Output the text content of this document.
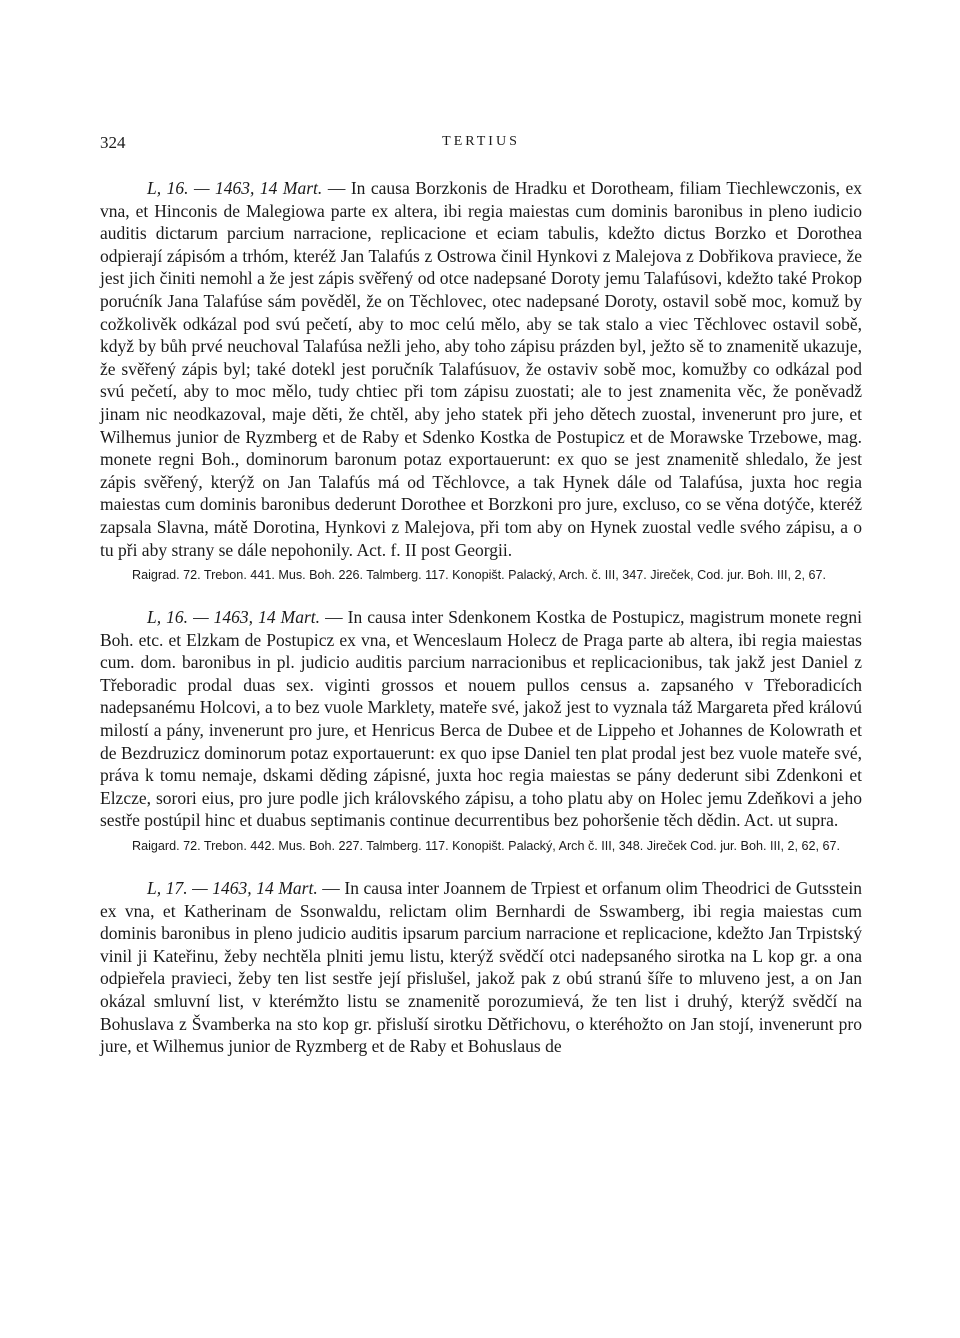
324	TERTIUS

L, 16. — 1463, 14 Mart. — In causa Borzkonis de Hradku et Dorotheam, filiam Tiechlewczonis, ex vna, et Hinconis de Malegiowa parte ex altera, ibi regia maiestas cum dominis baronibus in pleno iudicio auditis dictarum parcium narracione, replicacione et eciam tabulis, kdežto dictus Borzko et Dorothea odpierají zápisóm a trhóm, kteréž Jan Talafús z Ostrowa činil Hynkovi z Malejova z Dobřikova praviece, že jest jich činiti nemohl a že jest zápis svěřený od otce nadepsané Doroty jemu Talafúsovi, kdežto také Prokop porućník Jana Talafúse sám pověděl, že on Těchlovec, otec nadepsané Doroty, ostavil sobě moc, komuž by cožkolivěk odkázal pod svú pečetí, aby to moc celú mělo, aby se tak stalo a viec Těchlovec ostavil sobě, když by bůh prvé neuchoval Talafúsa nežli jeho, aby toho zápisu prázden byl, ježto sě to znamenitě ukazuje, že svěřený zápis byl; také dotekl jest poručník Talafúsuov, že ostaviv sobě moc, komužby co odkázal pod svú pečetí, aby to moc mělo, tudy chtiec při tom zápisu zuostati; ale to jest znamenita věc, že poněvadž jinam nic neodkazoval, maje děti, že chtěl, aby jeho statek při jeho dětech zuostal, invenerunt pro jure, et Wilhemus junior de Ryzmberg et de Raby et Sdenko Kostka de Postupicz et de Morawske Trzebowe, mag. monete regni Boh., dominorum baronum potaz exportauerunt: ex quo se jest znamenitě shledalo, že jest zápis svěřený, kterýž on Jan Talafús má od Těchlovce, a tak Hynek dále od Talafúsa, juxta hoc regia maiestas cum dominis baronibus dederunt Dorothee et Borzkoni pro jure, excluso, co se věna dotýče, kteréž zapsala Slavna, mátě Dorotina, Hynkovi z Malejova, při tom aby on Hynek zuostal vedle svého zápisu, a o tu při aby strany se dále nepohonily. Act. f. II post Georgii.

Raigrad. 72. Trebon. 441. Mus. Boh. 226. Talmberg. 117. Konopišt. Palacký, Arch. č. III, 347. Jireček, Cod. jur. Boh. III, 2, 67.

L, 16. — 1463, 14 Mart. — In causa inter Sdenkonem Kostka de Postupicz, magistrum monete regni Boh. etc. et Elzkam de Postupicz ex vna, et Wenceslaum Holecz de Praga parte ab altera, ibi regia maiestas cum. dom. baronibus in pl. judicio auditis parcium narracionibus et replicacionibus, tak jakž jest Daniel z Třeboradic prodal duas sex. viginti grossos et nouem pullos census a. zapsaného v Třeboradicích nadepsanému Holcovi, a to bez vuole Marklety, mateře své, jakož jest to vyznala táž Margareta před královú milostí a pány, invenerunt pro jure, et Henricus Berca de Dubee et de Lippeho et Johannes de Kolowrath et de Bezdruzicz dominorum potaz exportauerunt: ex quo ipse Daniel ten plat prodal jest bez vuole mateře své, práva k tomu nemaje, dskami děding zápisné, juxta hoc regia maiestas se pány dederunt sibi Zdenkoni et Elzcze, sorori eius, pro jure podle jich královského zápisu, a toho platu aby on Holec jemu Zdeňkovi a jeho sestře postúpil hinc et duabus septimanis continue decurrentibus bez pohoršenie těch dědin. Act. ut supra.

Raigard. 72. Trebon. 442. Mus. Boh. 227. Talmberg. 117. Konopišt. Palacký, Arch č. III, 348. Jireček Cod. jur. Boh. III, 2, 62, 67.

L, 17. — 1463, 14 Mart. — In causa inter Joannem de Trpiest et orfanum olim Theodrici de Gutsstein ex vna, et Katherinam de Ssonwaldu, relictam olim Bernhardi de Sswamberg, ibi regia maiestas cum dominis baronibus in pleno judicio auditis ipsarum parcium narracione et replicacione, kdežto Jan Trpistský vinil ji Kateřinu, žeby nechtěla plniti jemu listu, kterýž svědčí otci nadepsaného sirotka na L kop gr. a ona odpieřela pravieci, žeby ten list sestře její přislušel, jakož pak z obú stranú šíře to mluveno jest, a on Jan okázal smluvní list, v kterémžto listu se znamenitě porozumievá, že ten list i druhý, kterýž svědčí na Bohuslava z Švamberka na sto kop gr. přisluší sirotku Dětřichovu, o kteréhožto on Jan stojí, invenerunt pro jure, et Wilhemus junior de Ryzmberg et de Raby et Bohuslaus de
